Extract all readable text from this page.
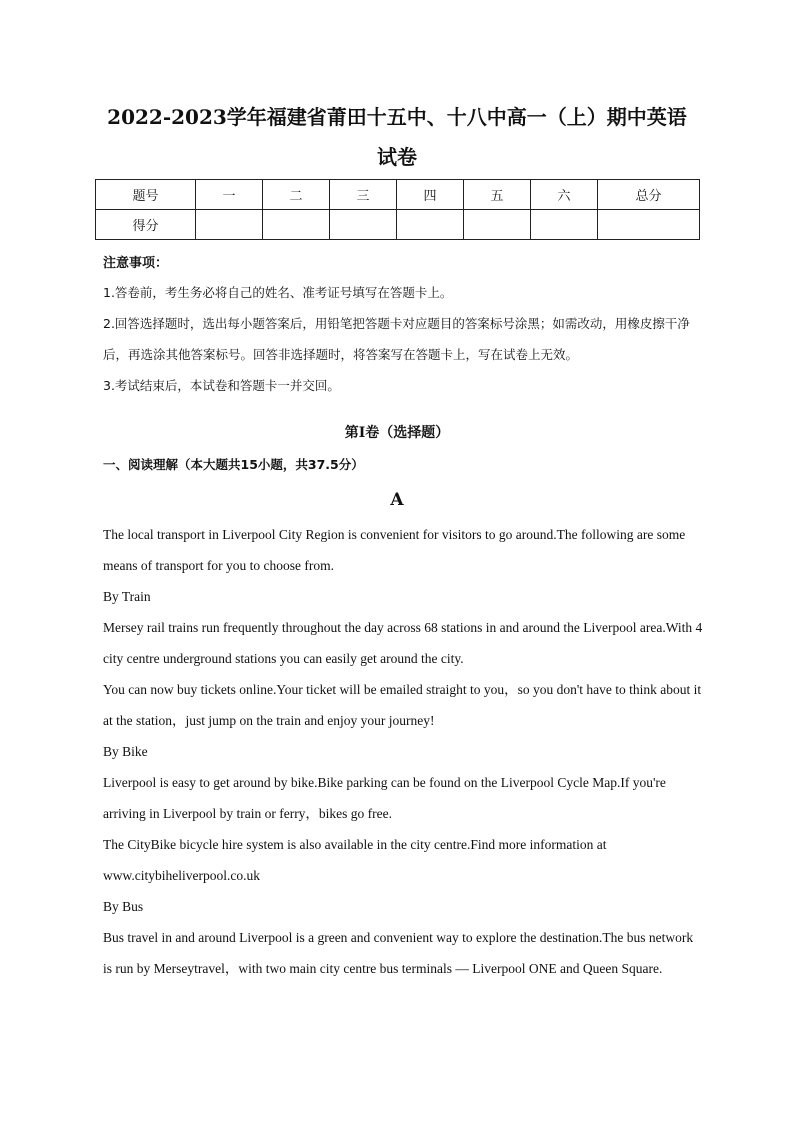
2022-2023学年福建省莆田十五中、十八中高一（上）期中英语
试卷
题号	一	二	三	四	五	六	总分
得分							
注意事项：
1.答卷前，考生务必将自己的姓名、准考证号填写在答题卡上。
2.回答选择题时，选出每小题答案后，用铅笔把答题卡对应题目的答案标号涂黑；如需改动，用橡皮擦干净后，再选涂其他答案标号。回答非选择题时，将答案写在答题卡上，写在试卷上无效。
3.考试结束后，本试卷和答题卡一并交回。
第I卷（选择题）
一、阅读理解（本大题共15小题，共37.5分）
A

The local transport in Liverpool City Region is convenient for visitors to go around.The following are some means of transport for you to choose from.

By Train

Mersey rail trains run frequently throughout the day across 68 stations in and around the Liverpool area.With 4 city centre underground stations you can easily get around the city.

You can now buy tickets online.Your ticket will be emailed straight to you，so you don't have to think about it at the station，just jump on the train and enjoy your journey!

By Bike

Liverpool is easy to get around by bike.Bike parking can be found on the Liverpool Cycle Map.If you're arriving in Liverpool by train or ferry，bikes go free.

The CityBike bicycle hire system is also available in the city centre.Find more information at www.citybiheliverpool.co.uk

By Bus

Bus travel in and around Liverpool is a green and convenient way to explore the destination.The bus network is run by Merseytravel，with two main city centre bus terminals — Liverpool ONE and Queen Square.
